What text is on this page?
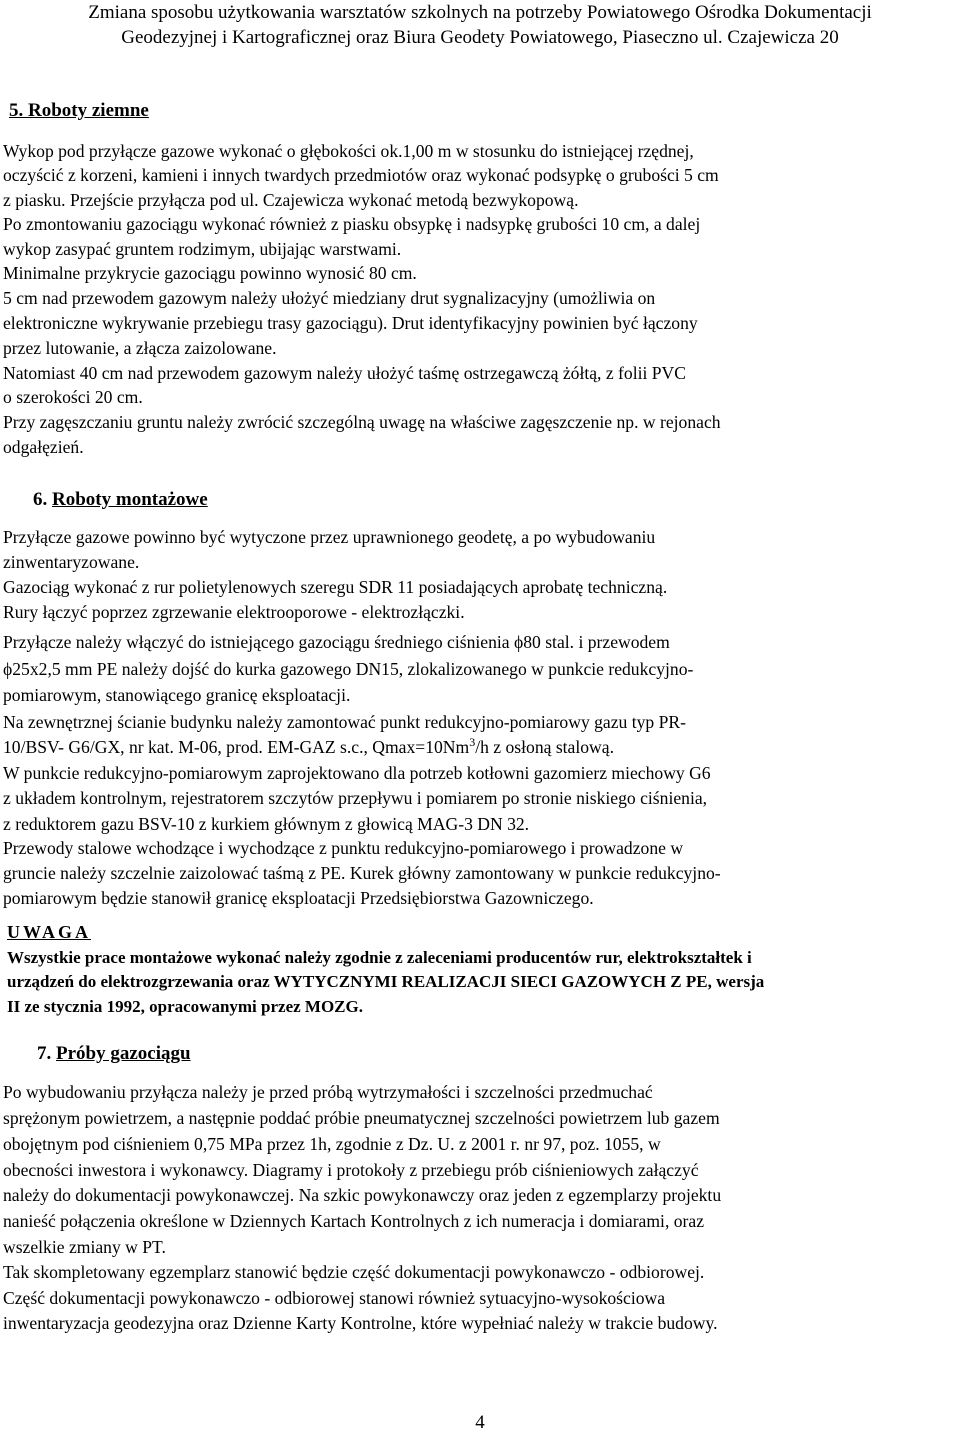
Zmiana sposobu użytkowania warsztatów szkolnych na potrzeby Powiatowego Ośrodka Dokumentacji
Geodezyjnej i Kartograficznej oraz Biura Geodety Powiatowego, Piaseczno ul. Czajewicza 20
5. Roboty ziemne
Wykop pod przyłącze gazowe wykonać o głębokości ok.1,00 m w stosunku do istniejącej rzędnej,
oczyścić z korzeni, kamieni i innych twardych przedmiotów oraz wykonać podsypkę o grubości 5 cm
z piasku. Przejście przyłącza pod ul. Czajewicza wykonać metodą bezwykopową.
Po zmontowaniu gazociągu wykonać również z piasku obsypkę i nadsypkę grubości 10 cm, a dalej
wykop zasypać gruntem rodzimym, ubijając warstwami.
Minimalne przykrycie gazociągu powinno wynosić 80 cm.
5 cm nad przewodem gazowym należy ułożyć miedziany drut sygnalizacyjny (umożliwia on
elektroniczne wykrywanie przebiegu trasy gazociągu). Drut identyfikacyjny powinien być łączony
przez lutowanie, a złącza zaizolowane.
Natomiast 40 cm nad przewodem gazowym należy ułożyć taśmę ostrzegawczą żółtą, z folii PVC
o szerokości 20 cm.
Przy zagęszczaniu gruntu należy zwrócić szczególną uwagę na właściwe zagęszczenie np. w rejonach
odgałęzień.
6. Roboty montażowe
Przyłącze gazowe powinno być wytyczone przez uprawnionego geodetę, a po wybudowaniu
zinwentaryzowane.
Gazociąg wykonać z rur polietylenowych szeregu SDR 11 posiadających aprobatę techniczną.
Rury łączyć poprzez zgrzewanie elektrooporowe - elektrozłączki.
Przyłącze należy włączyć do istniejącego gazociągu średniego ciśnienia ϕ80 stal. i przewodem
ϕ25x2,5 mm PE należy dojść do kurka gazowego DN15, zlokalizowanego w punkcie redukcyjno-
pomiarowym, stanowiącego granicę eksploatacji.
Na zewnętrznej ścianie budynku należy zamontować punkt redukcyjno-pomiarowy gazu typ PR-
10/BSV- G6/GX, nr kat. M-06, prod. EM-GAZ s.c., $Qmax=10Nm^3/h$ z osłoną stalową.
W punkcie redukcyjno-pomiarowym zaprojektowano dla potrzeb kotłowni gazomierz miechowy G6
z układem kontrolnym, rejestratorem szczytów przepływu i pomiarem po stronie niskiego ciśnienia,
z reduktorem gazu BSV-10 z kurkiem głównym z głowicą MAG-3 DN 32.
Przewody stalowe wchodzące i wychodzące z punktu redukcyjno-pomiarowego i prowadzone w
gruncie należy szczelnie zaizolować taśmą z PE. Kurek główny zamontowany w punkcie redukcyjno-
pomiarowym będzie stanowił granicę eksploatacji Przedsiębiorstwa Gazowniczego.
UWAGA
Wszystkie prace montażowe wykonać należy zgodnie z zaleceniami producentów rur, elektrokształtek i
urządzeń do elektrozgrzewania oraz WYTYCZNYMI REALIZACJI SIECI GAZOWYCH Z PE, wersja
II ze stycznia 1992, opracowanymi przez MOZG.
7. Próby gazociągu
Po wybudowaniu przyłącza należy je przed próbą wytrzymałości i szczelności przedmuchać
sprężonym powietrzem, a następnie poddać próbie pneumatycznej szczelności powietrzem lub gazem
obojętnym pod ciśnieniem 0,75 MPa przez 1h, zgodnie z Dz. U. z 2001 r. nr 97, poz. 1055, w
obecności inwestora i wykonawcy. Diagramy i protokoły z przebiegu prób ciśnieniowych załączyć
należy do dokumentacji powykonawczej. Na szkic powykonawczy oraz jeden z egzemplarzy projektu
nanieść połączenia określone w Dziennych Kartach Kontrolnych z ich numeracja i domiarami, oraz
wszelkie zmiany w PT.
Tak skompletowany egzemplarz stanowić będzie część dokumentacji powykonawczo - odbiorowej.
Część dokumentacji powykonawczo - odbiorowej stanowi również sytuacyjno-wysokościowa
inwentaryzacja geodezyjna oraz Dzienne Karty Kontrolne, które wypełniać należy w trakcie budowy.
4
